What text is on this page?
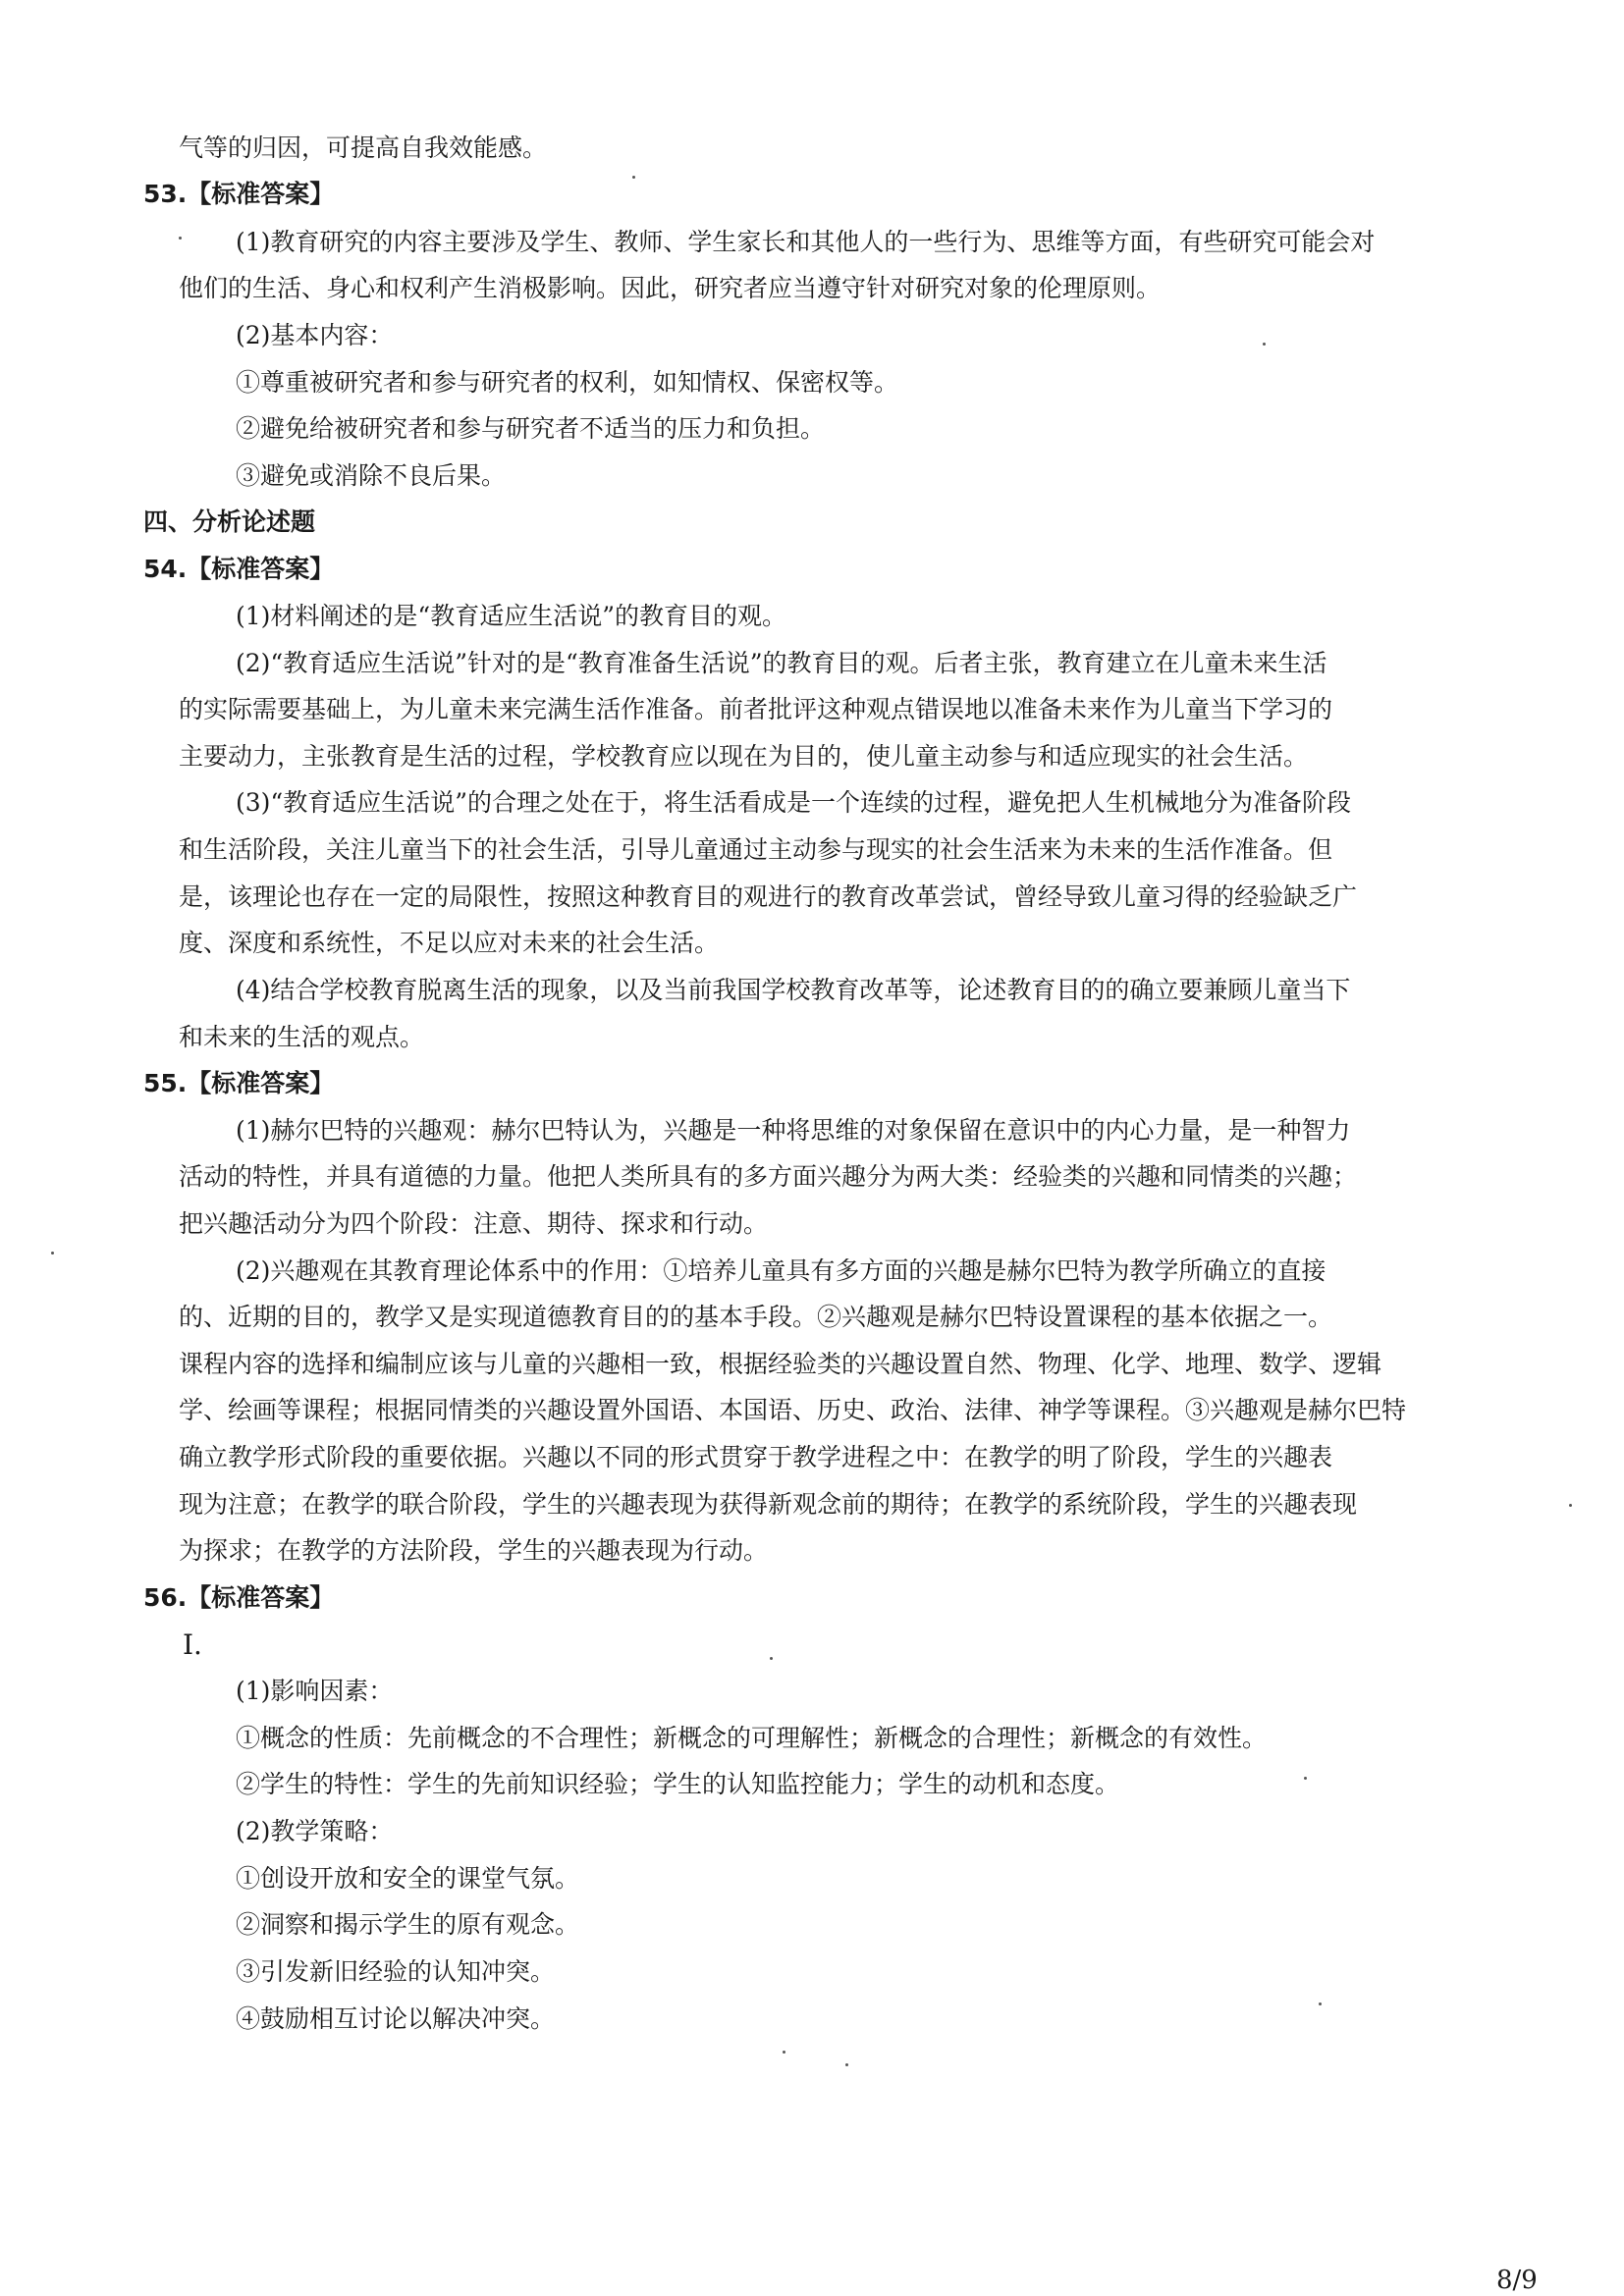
气等的归因，可提高自我效能感。
53.【标准答案】
(1)教育研究的内容主要涉及学生、教师、学生家长和其他人的一些行为、思维等方面，有些研究可能会对
他们的生活、身心和权利产生消极影响。因此，研究者应当遵守针对研究对象的伦理原则。
(2)基本内容：
①尊重被研究者和参与研究者的权利，如知情权、保密权等。
②避免给被研究者和参与研究者不适当的压力和负担。
③避免或消除不良后果。
四、分析论述题
54.【标准答案】
(1)材料阐述的是“教育适应生活说”的教育目的观。
(2)“教育适应生活说”针对的是“教育准备生活说”的教育目的观。后者主张，教育建立在儿童未来生活
的实际需要基础上，为儿童未来完满生活作准备。前者批评这种观点错误地以准备未来作为儿童当下学习的
主要动力，主张教育是生活的过程，学校教育应以现在为目的，使儿童主动参与和适应现实的社会生活。
(3)“教育适应生活说”的合理之处在于，将生活看成是一个连续的过程，避免把人生机械地分为准备阶段
和生活阶段，关注儿童当下的社会生活，引导儿童通过主动参与现实的社会生活来为未来的生活作准备。但
是，该理论也存在一定的局限性，按照这种教育目的观进行的教育改革尝试，曾经导致儿童习得的经验缺乏广
度、深度和系统性，不足以应对未来的社会生活。
(4)结合学校教育脱离生活的现象，以及当前我国学校教育改革等，论述教育目的的确立要兼顾儿童当下
和未来的生活的观点。
55.【标准答案】
(1)赫尔巴特的兴趣观：赫尔巴特认为，兴趣是一种将思维的对象保留在意识中的内心力量，是一种智力
活动的特性，并具有道德的力量。他把人类所具有的多方面兴趣分为两大类：经验类的兴趣和同情类的兴趣；
把兴趣活动分为四个阶段：注意、期待、探求和行动。
(2)兴趣观在其教育理论体系中的作用：①培养儿童具有多方面的兴趣是赫尔巴特为教学所确立的直接
的、近期的目的，教学又是实现道德教育目的的基本手段。②兴趣观是赫尔巴特设置课程的基本依据之一。
课程内容的选择和编制应该与儿童的兴趣相一致，根据经验类的兴趣设置自然、物理、化学、地理、数学、逻辑
学、绘画等课程；根据同情类的兴趣设置外国语、本国语、历史、政治、法律、神学等课程。③兴趣观是赫尔巴特
确立教学形式阶段的重要依据。兴趣以不同的形式贯穿于教学进程之中：在教学的明了阶段，学生的兴趣表
现为注意；在教学的联合阶段，学生的兴趣表现为获得新观念前的期待；在教学的系统阶段，学生的兴趣表现
为探求；在教学的方法阶段，学生的兴趣表现为行动。
56.【标准答案】
Ⅰ.
(1)影响因素：
①概念的性质：先前概念的不合理性；新概念的可理解性；新概念的合理性；新概念的有效性。
②学生的特性：学生的先前知识经验；学生的认知监控能力；学生的动机和态度。
(2)教学策略：
①创设开放和安全的课堂气氛。
②洞察和揭示学生的原有观念。
③引发新旧经验的认知冲突。
④鼓励相互讨论以解决冲突。
8/9
